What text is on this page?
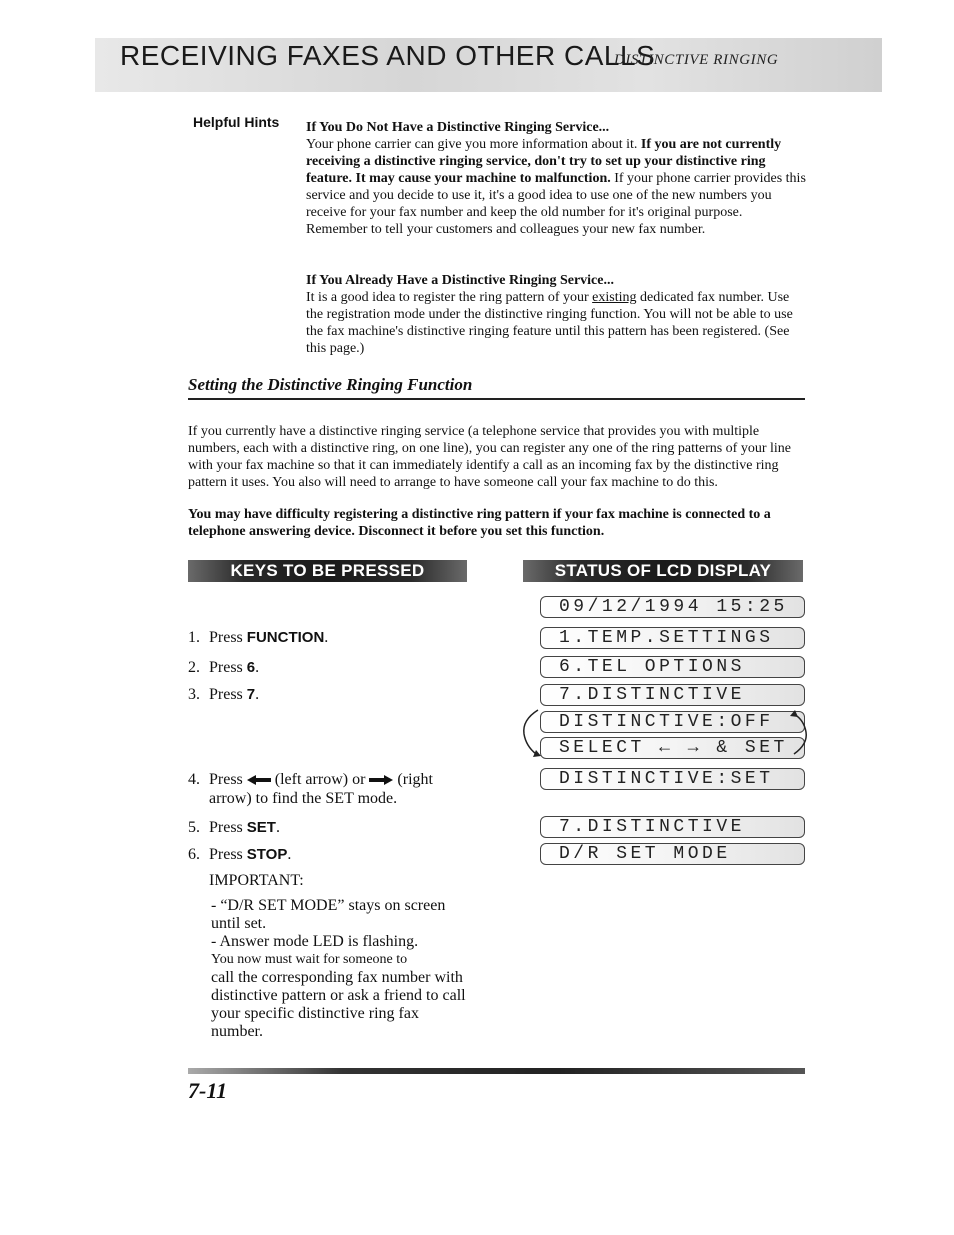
RECEIVING FAXES AND OTHER CALLS
DISTINCTIVE RINGING
Helpful Hints If You Do Not Have a Distinctive Ringing Service...

Your phone carrier can give you more information about it. If you are not currently receiving a distinctive ringing service, don't try to set up your distinctive ring feature. It may cause your machine to malfunction. If your phone carrier provides this service and you decide to use it, it's a good idea to use one of the new numbers you receive for your fax number and keep the old number for it's original purpose. Remember to tell your customers and colleagues your new fax number.

If You Already Have a Distinctive Ringing Service...

It is a good idea to register the ring pattern of your existing dedicated fax number. Use the registration mode under the distinctive ringing function. You will not be able to use the fax machine's distinctive ringing feature until this pattern has been registered. (See this page.)

Setting the Distinctive Ringing Function

If you currently have a distinctive ringing service (a telephone service that provides you with multiple numbers, each with a distinctive ring, on one line), you can register any one of the ring patterns of your line with your fax machine so that it can immediately identify a call as an incoming fax by the distinctive ring pattern it uses. You also will need to arrange to have someone call your fax machine to do this.

You may have difficulty registering a distinctive ring pattern if your fax machine is connected to a telephone answering device. Disconnect it before you set this function.
KEYS TO BE PRESSED	STATUS OF LCD DISPLAY
1. Press FUNCTION.
2. Press 6.
3. Press 7.
4. Press  (left arrow) or  (right
arrow) to find the SET mode.
5. Press SET.
6. Press STOP.
IMPORTANT:

- “D/R SET MODE” stays on screen until set.

- Answer mode LED is flashing.

You now must wait for someone to

call the corresponding fax number with distinctive pattern or ask a friend to call your specific distinctive ring fax number.

09/12/1994 15:25
1.TEMP.SETTINGS
6.TEL OPTIONS
7.DISTINCTIVE
DISTINCTIVE:OFF
SELECT ← → & SET
DISTINCTIVE:SET
7.DISTINCTIVE
D/R SET MODE
7-11
